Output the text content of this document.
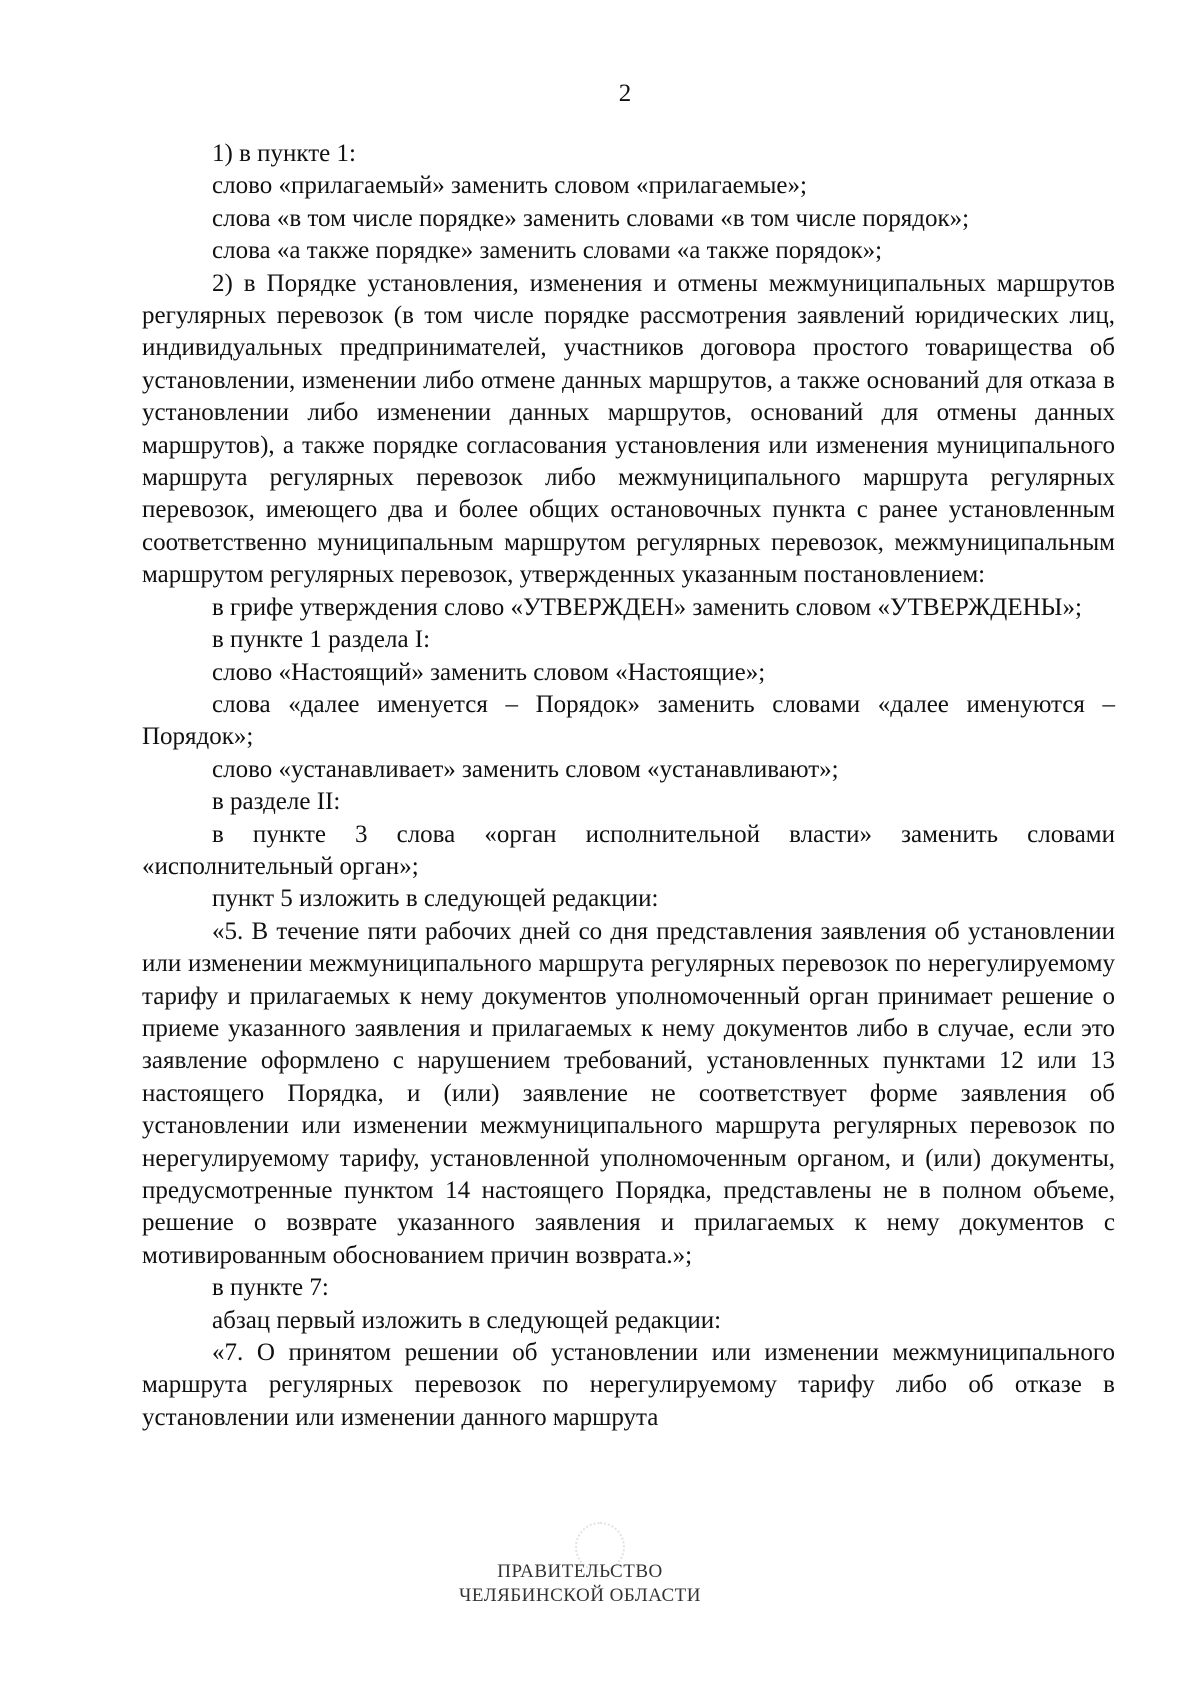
2

1) в пункте 1:

слово «прилагаемый» заменить словом «прилагаемые»;

слова «в том числе порядке» заменить словами «в том числе порядок»;

слова «а также порядке» заменить словами «а также порядок»;

2) в Порядке установления, изменения и отмены межмуниципальных маршрутов регулярных перевозок (в том числе порядке рассмотрения заявлений юридических лиц, индивидуальных предпринимателей, участников договора простого товарищества об установлении, изменении либо отмене данных маршрутов, а также оснований для отказа в установлении либо изменении данных маршрутов, оснований для отмены данных маршрутов), а также порядке согласования установления или изменения муниципального маршрута регулярных перевозок либо межмуниципального маршрута регулярных перевозок, имеющего два и более общих остановочных пункта с ранее установленным соответственно муниципальным маршрутом регулярных перевозок, межмуниципальным маршрутом регулярных перевозок, утвержденных указанным постановлением:

в грифе утверждения слово «УТВЕРЖДЕН» заменить словом «УТВЕРЖДЕНЫ»;

в пункте 1 раздела I:

слово «Настоящий» заменить словом «Настоящие»;

слова «далее именуется – Порядок» заменить словами «далее именуются – Порядок»;

слово «устанавливает» заменить словом «устанавливают»;

в разделе II:

в пункте 3 слова «орган исполнительной власти» заменить словами «исполнительный орган»;

пункт 5 изложить в следующей редакции:

«5. В течение пяти рабочих дней со дня представления заявления об установлении или изменении межмуниципального маршрута регулярных перевозок по нерегулируемому тарифу и прилагаемых к нему документов уполномоченный орган принимает решение о приеме указанного заявления и прилагаемых к нему документов либо в случае, если это заявление оформлено с нарушением требований, установленных пунктами 12 или 13 настоящего Порядка, и (или) заявление не соответствует форме заявления об установлении или изменении межмуниципального маршрута регулярных перевозок по нерегулируемому тарифу, установленной уполномоченным органом, и (или) документы, предусмотренные пунктом 14 настоящего Порядка, представлены не в полном объеме, решение о возврате указанного заявления и прилагаемых к нему документов с мотивированным обоснованием причин возврата.»;

в пункте 7:

абзац первый изложить в следующей редакции:

«7. О принятом решении об установлении или изменении межмуниципального маршрута регулярных перевозок по нерегулируемому тарифу либо об отказе в установлении или изменении данного маршрута

ПРАВИТЕЛЬСТВО
ЧЕЛЯБИНСКОЙ ОБЛАСТИ
